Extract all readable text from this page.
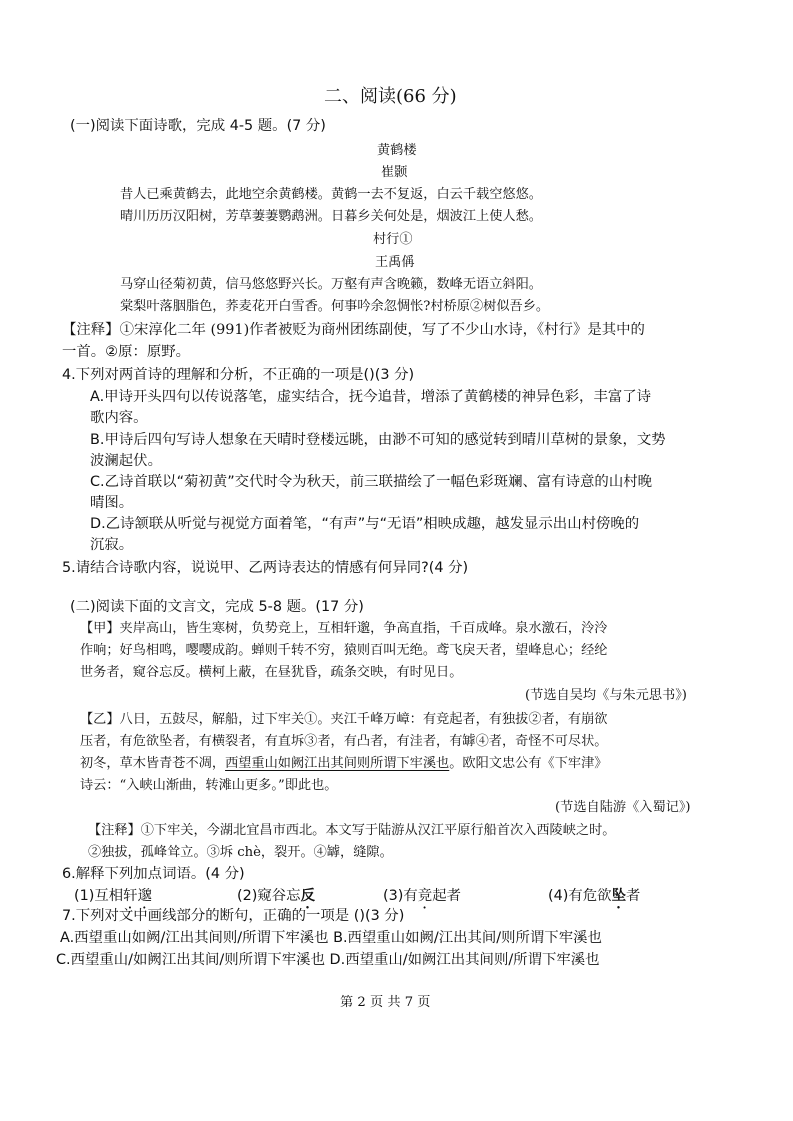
二、阅读(66 分)
(一)阅读下面诗歌，完成 4-5 题。(7 分)
黄鹤楼
崔颢
昔人已乘黄鹤去，此地空余黄鹤楼。黄鹤一去不复返，白云千载空悠悠。
晴川历历汉阳树，芳草萋萋鹦鹉洲。日暮乡关何处是，烟波江上使人愁。
村行①
王禹偁
马穿山径菊初黄，信马悠悠野兴长。万壑有声含晚籁，数峰无语立斜阳。
棠梨叶落胭脂色，荞麦花开白雪香。何事吟余忽惆怅?村桥原②树似吾乡。
【注释】①宋淳化二年 (991)作者被贬为商州团练副使，写了不少山水诗，《村行》是其中的
一首。②原：原野。
4.下列对两首诗的理解和分析，不正确的一项是()(3 分)
A.甲诗开头四句以传说落笔，虚实结合，抚今追昔，增添了黄鹤楼的神异色彩，丰富了诗
歌内容。
B.甲诗后四句写诗人想象在天晴时登楼远眺，由渺不可知的感觉转到晴川草树的景象，文势
波澜起伏。
C.乙诗首联以“菊初黄”交代时令为秋天，前三联描绘了一幅色彩斑斓、富有诗意的山村晚
晴图。
D.乙诗颔联从听觉与视觉方面着笔，“有声”与“无语”相映成趣，越发显示出山村傍晚的
沉寂。
5.请结合诗歌内容，说说甲、乙两诗表达的情感有何异同?(4 分)
(二)阅读下面的文言文，完成 5-8 题。(17 分)
【甲】夹岸高山，皆生寒树，负势竞上，互相轩邈，争高直指，千百成峰。泉水激石，泠泠
作响；好鸟相鸣，嘤嘤成韵。蝉则千转不穷，猿则百叫无绝。鸢飞戾天者，望峰息心；经纶
世务者，窥谷忘反。横柯上蔽，在昼犹昏，疏条交映，有时见日。
(节选自吴均《与朱元思书》)
【乙】八日，五鼓尽，解船，过下牢关①。夹江千峰万嶂：有竞起者，有独拔②者，有崩欲
压者，有危欲坠者，有横裂者，有直坼③者，有凸者，有洼者，有罅④者，奇怪不可尽状。
初冬，草木皆青苍不凋，西望重山如阙江出其间则所谓下牢溪也。欧阳文忠公有《下牢津》
诗云：“入峡山渐曲，转滩山更多。”即此也。
(节选自陆游《入蜀记》)
【注释】①下牢关，今湖北宜昌市西北。本文写于陆游从汉江平原行船首次入西陵峡之时。
②独拔，孤峰耸立。③坼 chè，裂开。④罅，缝隙。
6.解释下列加点词语。(4 分)
(1)互相轩邈	(2)窥谷忘反	(3)有竞起者	(4)有危欲坠者
7.下列对文中画线部分的断句，正确的一项是 ()(3 分)
A.西望重山如阙/江出其间则/所谓下牢溪也 B.西望重山如阙/江出其间/则所谓下牢溪也
C.西望重山/如阙江出其间/则所谓下牢溪也 D.西望重山/如阙江出其间则/所谓下牢溪也
第 2 页 共 7 页
